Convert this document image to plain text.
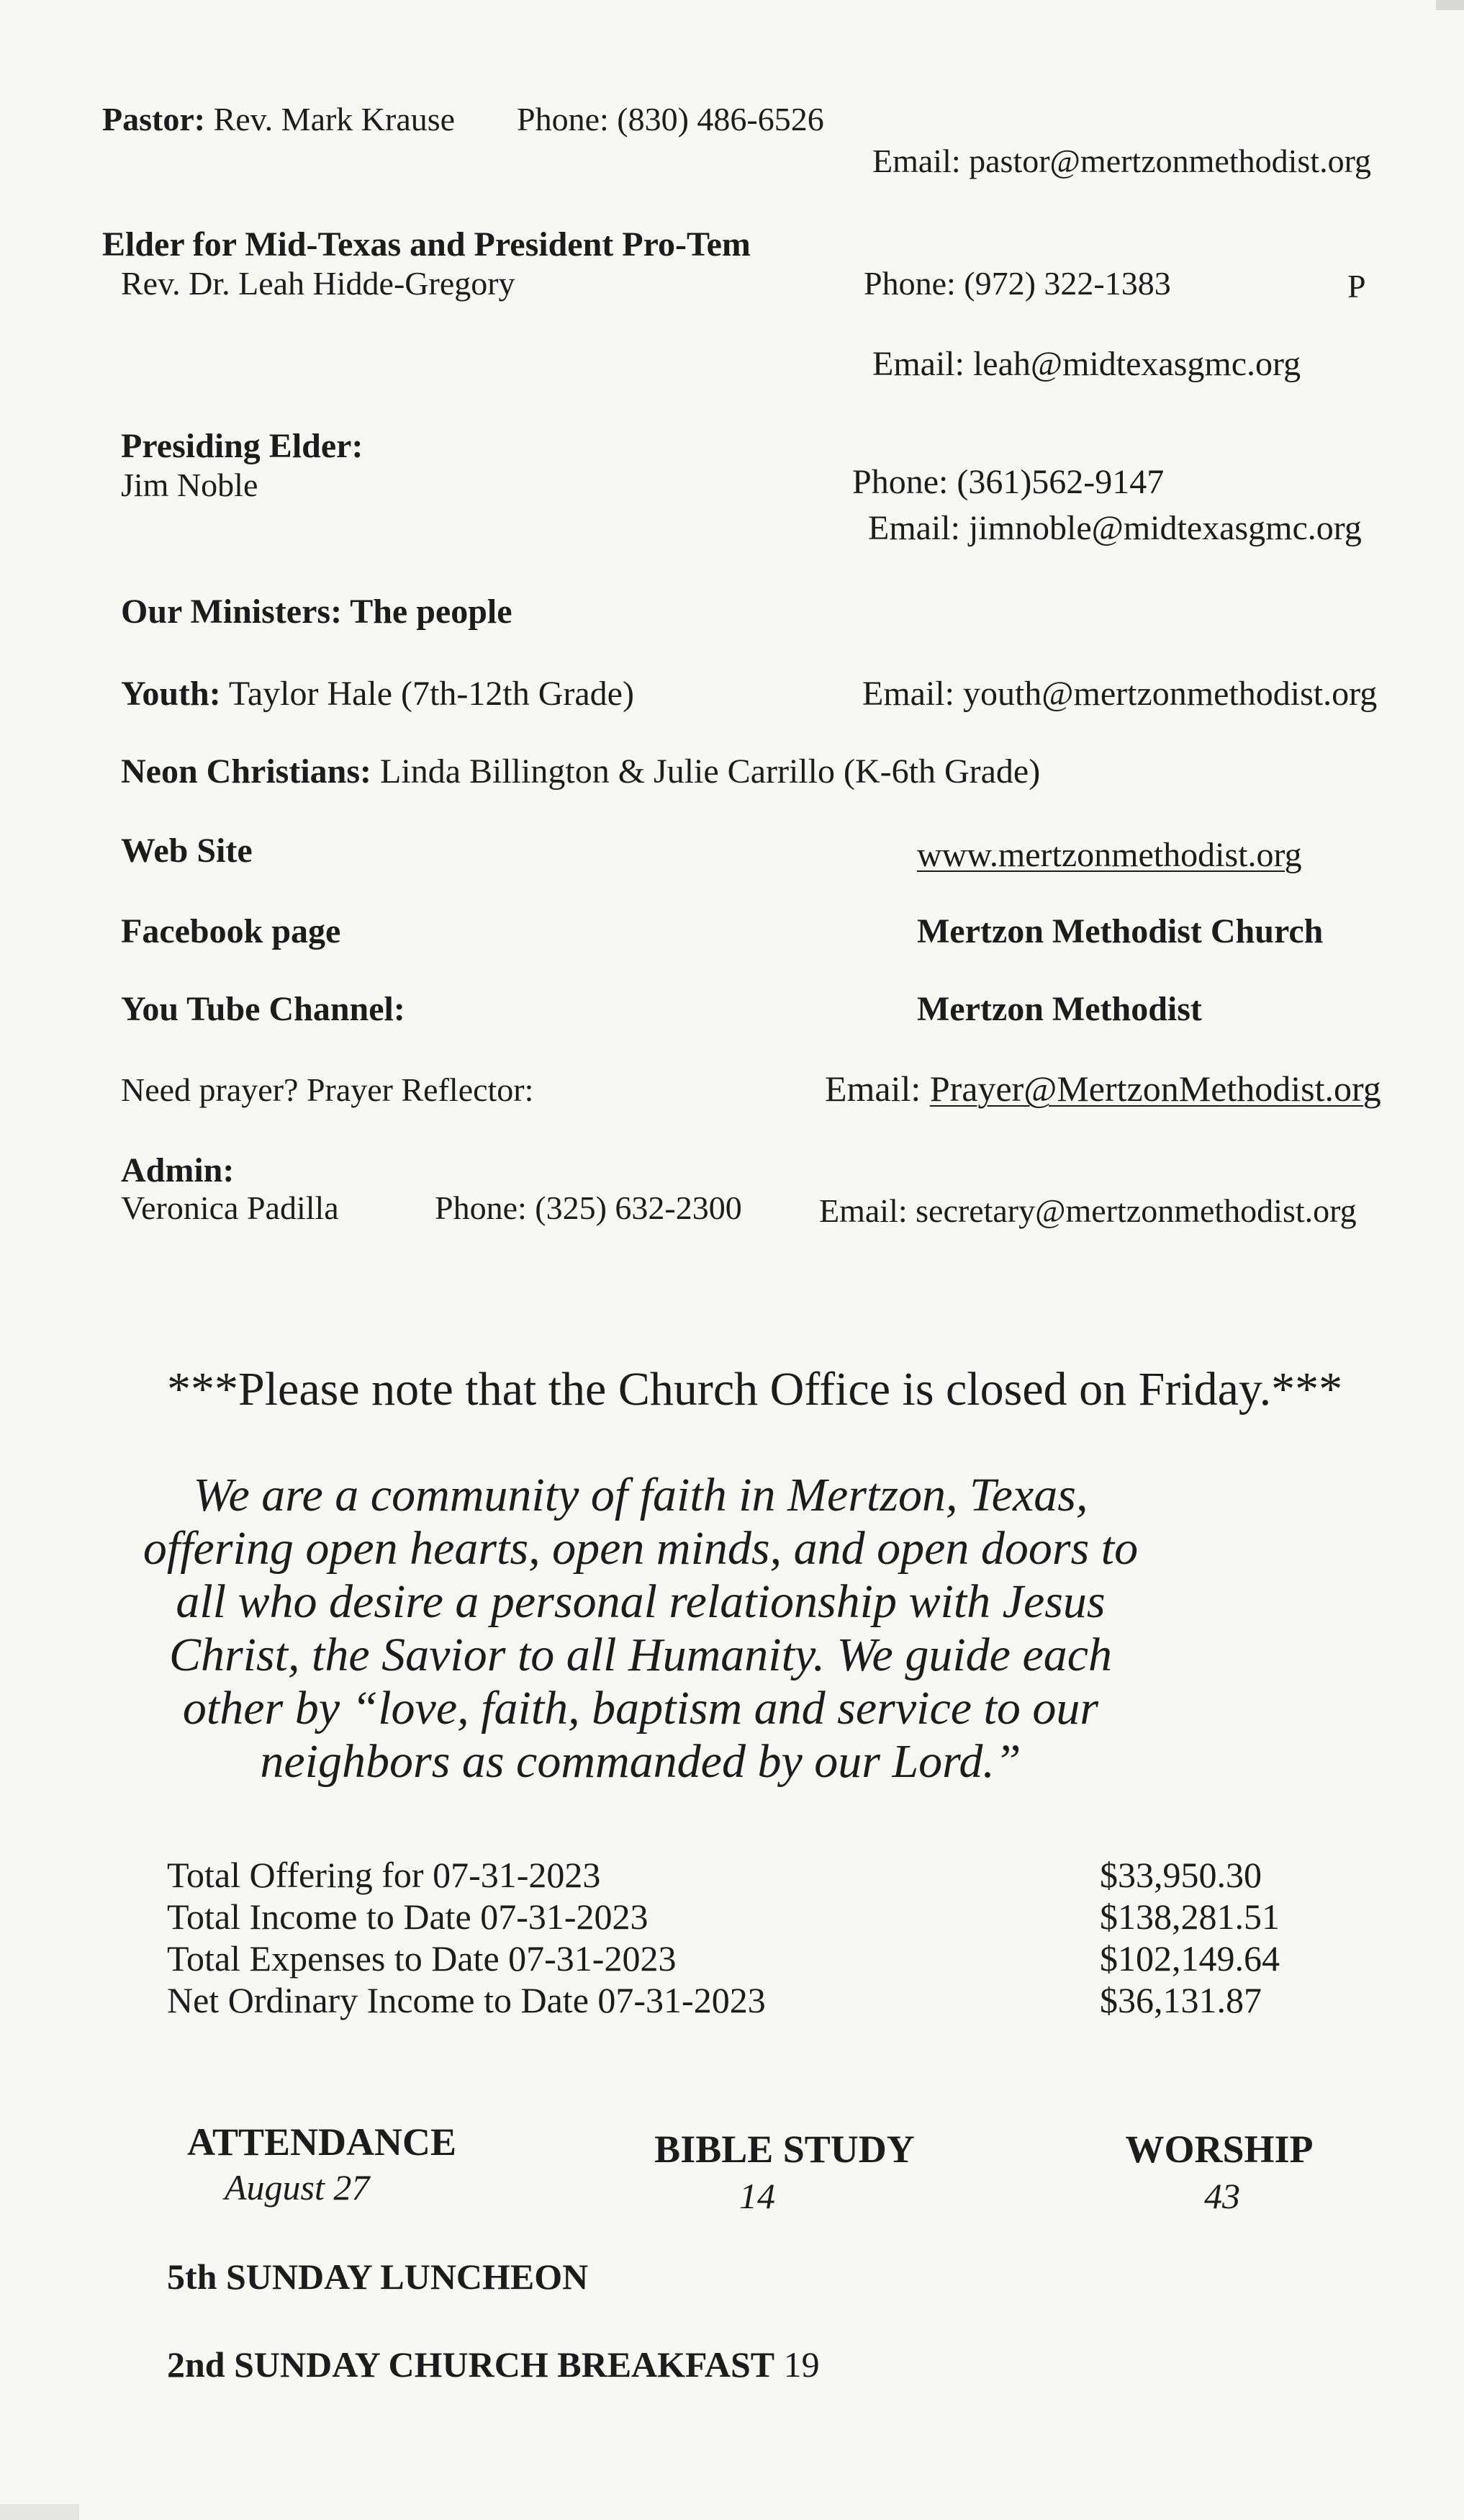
Pastor: Rev. Mark Krause Phone: (830) 486-6526
Email: pastor@mertzonmethodist.org
Elder for Mid-Texas and President Pro-Tem
Rev. Dr. Leah Hidde-Gregory	Phone: (972) 322-1383	P
Email: leah@midtexasgmc.org
Presiding Elder:
Jim Noble	Phone: (361)562-9147
Email: jimnoble@midtexasgmc.org
Our Ministers: The people
Youth: Taylor Hale (7th-12th Grade)	Email: youth@mertzonmethodist.org
Neon Christians: Linda Billington & Julie Carrillo (K-6th Grade)
Web Site	www.mertzonmethodist.org
Facebook page	Mertzon Methodist Church
You Tube Channel:	Mertzon Methodist
Need prayer? Prayer Reflector:	Email: Prayer@MertzonMethodist.org
Admin:
Veronica Padilla	Phone: (325) 632-2300 Email: secretary@mertzonmethodist.org
***Please note that the Church Office is closed on Friday.***
We are a community of faith in Mertzon, Texas, offering open hearts, open minds, and open doors to all who desire a personal relationship with Jesus Christ, the Savior to all Humanity. We guide each other by “love, faith, baptism and service to our neighbors as commanded by our Lord.”
Total Offering for 07-31-2023	$33,950.30
Total Income to Date 07-31-2023	$138,281.51
Total Expenses to Date 07-31-2023	$102,149.64
Net Ordinary Income to Date 07-31-2023	$36,131.87
ATTENDANCE
August 27
BIBLE STUDY
14
WORSHIP
43
5th SUNDAY LUNCHEON
2nd SUNDAY CHURCH BREAKFAST 19
